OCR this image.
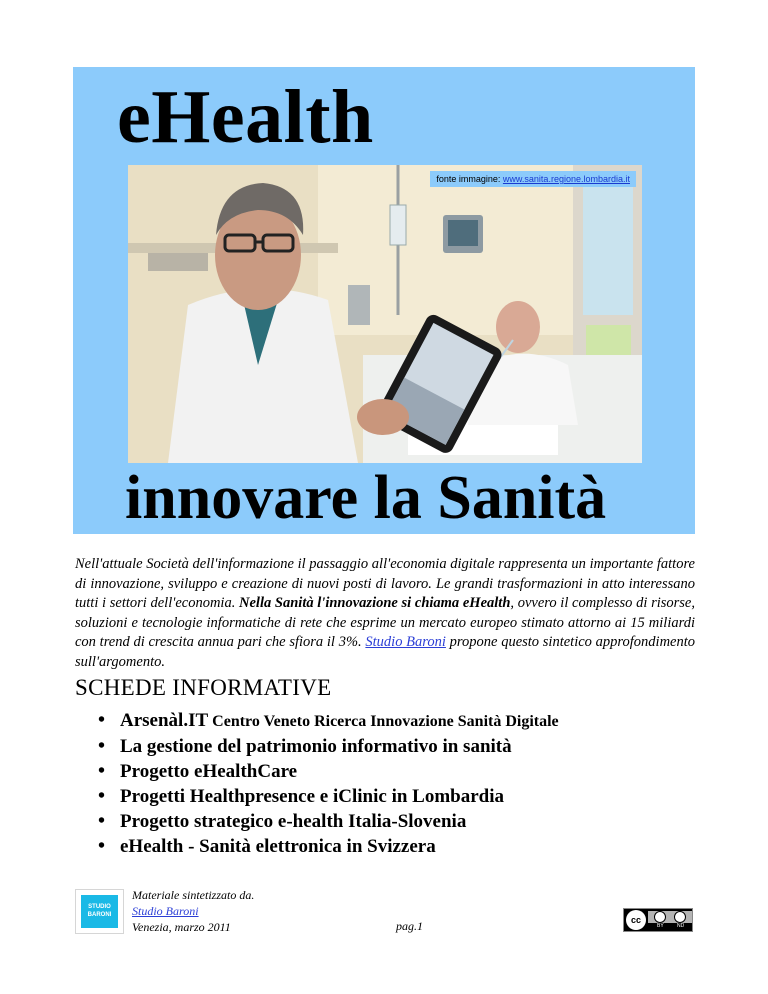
eHealth
fonte immagine: www.sanita.regione.lombardia.it
innovare la Sanità

Nell'attuale Società dell'informazione il passaggio all'economia digitale rappresenta un importante fattore di innovazione, sviluppo e creazione di nuovi posti di lavoro. Le grandi trasformazioni in atto interessano tutti i settori dell'economia. Nella Sanità l'innovazione si chiama eHealth, ovvero il complesso di risorse, soluzioni e tecnologie informatiche di rete che esprime un mercato europeo stimato attorno ai 15 miliardi con trend di crescita annua pari che sfiora il 3%. Studio Baroni propone questo sintetico approfondimento sull'argomento.

SCHEDE INFORMATIVE
• Arsenàl.IT Centro Veneto Ricerca Innovazione Sanità Digitale
• La gestione del patrimonio informativo in sanità
• Progetto eHealthCare
• Progetti Healthpresence e iClinic in Lombardia
• Progetto strategico e-health Italia-Slovenia
• eHealth - Sanità elettronica in Svizzera
STUDIO
BARONI
Materiale sintetizzato da.
Studio Baroni
Venezia, marzo 2011	pag.1	cc
BY	ND
